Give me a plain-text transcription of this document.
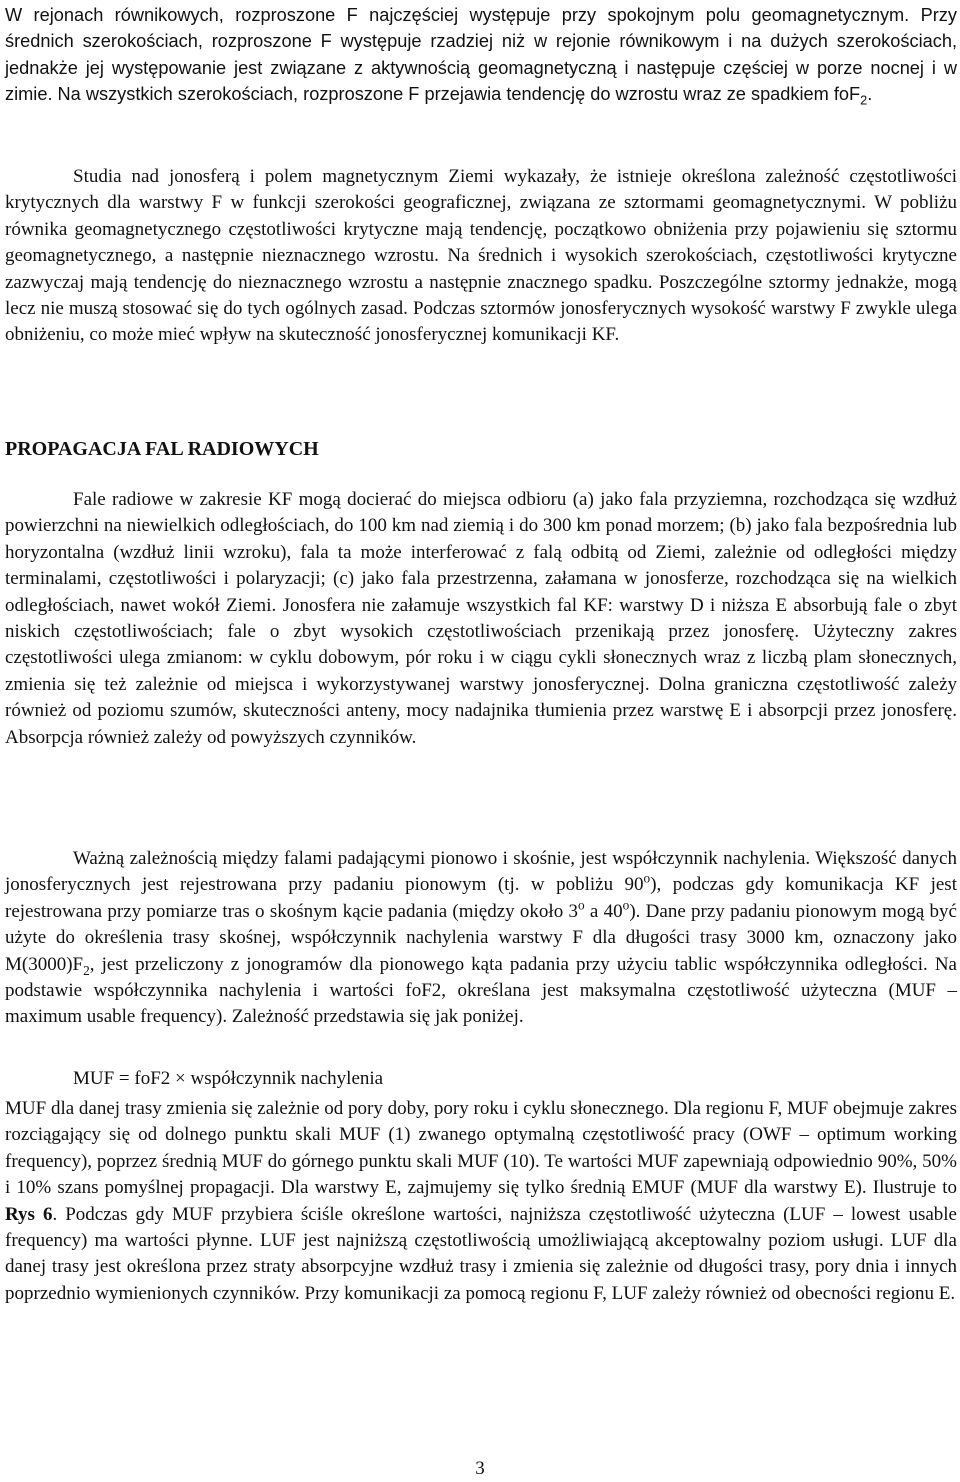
W rejonach równikowych, rozproszone F najczęściej występuje przy spokojnym polu geomagnetycznym. Przy średnich szerokościach, rozproszone F występuje rzadziej niż w rejonie równikowym i na dużych szerokościach, jednakże jej występowanie jest związane z aktywnością geomagnetyczną i następuje częściej w porze nocnej i w zimie. Na wszystkich szerokościach, rozproszone F przejawia tendencję do wzrostu wraz ze spadkiem foF$_2$.

Studia nad jonosferą i polem magnetycznym Ziemi wykazały, że istnieje określona zależność częstotliwości krytycznych dla warstwy F w funkcji szerokości geograficznej, związana ze sztormami geomagnetycznymi. W pobliżu równika geomagnetycznego częstotliwości krytyczne mają tendencję, początkowo obniżenia przy pojawieniu się sztormu geomagnetycznego, a następnie nieznacznego wzrostu. Na średnich i wysokich szerokościach, częstotliwości krytyczne zazwyczaj mają tendencję do nieznacznego wzrostu a następnie znacznego spadku. Poszczególne sztormy jednakże, mogą lecz nie muszą stosować się do tych ogólnych zasad. Podczas sztormów jonosferycznych wysokość warstwy F zwykle ulega obniżeniu, co może mieć wpływ na skuteczność jonosferycznej komunikacji KF.

PROPAGACJA FAL RADIOWYCH

Fale radiowe w zakresie KF mogą docierać do miejsca odbioru (a) jako fala przyziemna, rozchodząca się wzdłuż powierzchni na niewielkich odległościach, do 100 km nad ziemią i do 300 km ponad morzem; (b) jako fala bezpośrednia lub horyzontalna (wzdłuż linii wzroku), fala ta może interferować z falą odbitą od Ziemi, zależnie od odległości między terminalami, częstotliwości i polaryzacji; (c) jako fala przestrzenna, załamana w jonosferze, rozchodząca się na wielkich odległościach, nawet wokół Ziemi. Jonosfera nie załamuje wszystkich fal KF: warstwy D i niższa E absorbują fale o zbyt niskich częstotliwościach; fale o zbyt wysokich częstotliwościach przenikają przez jonosferę. Użyteczny zakres częstotliwości ulega zmianom: w cyklu dobowym, pór roku i w ciągu cykli słonecznych wraz z liczbą plam słonecznych, zmienia się też zależnie od miejsca i wykorzystywanej warstwy jonosferycznej. Dolna graniczna częstotliwość zależy również od poziomu szumów, skuteczności anteny, mocy nadajnika tłumienia przez warstwę E i absorpcji przez jonosferę. Absorpcja również zależy od powyższych czynników.

Ważną zależnością między falami padającymi pionowo i skośnie, jest współczynnik nachylenia. Większość danych jonosferycznych jest rejestrowana przy padaniu pionowym (tj. w pobliżu 90$^o$), podczas gdy komunikacja KF jest rejestrowana przy pomiarze tras o skośnym kącie padania (między około 3$^o$ a 40$^o$). Dane przy padaniu pionowym mogą być użyte do określenia trasy skośnej, współczynnik nachylenia warstwy F dla długości trasy 3000 km, oznaczony jako $M(3000)F_2$, jest przeliczony z jonogramów dla pionowego kąta padania przy użyciu tablic współczynnika odległości. Na podstawie współczynnika nachylenia i wartości foF2, określana jest maksymalna częstotliwość użyteczna (MUF – maximum usable frequency). Zależność przedstawia się jak poniżej.

MUF = foF2 × współczynnik nachylenia

MUF dla danej trasy zmienia się zależnie od pory doby, pory roku i cyklu słonecznego. Dla regionu F, MUF obejmuje zakres rozciągający się od dolnego punktu skali MUF (1) zwanego optymalną częstotliwość pracy (OWF – optimum working frequency), poprzez średnią MUF do górnego punktu skali MUF (10). Te wartości MUF zapewniają odpowiednio 90%, 50% i 10% szans pomyślnej propagacji. Dla warstwy E, zajmujemy się tylko średnią EMUF (MUF dla warstwy E). Ilustruje to Rys 6. Podczas gdy MUF przybiera ściśle określone wartości, najniższa częstotliwość użyteczna (LUF – lowest usable frequency) ma wartości płynne. LUF jest najniższą częstotliwością umożliwiającą akceptowalny poziom usługi. LUF dla danej trasy jest określona przez straty absorpcyjne wzdłuż trasy i zmienia się zależnie od długości trasy, pory dnia i innych poprzednio wymienionych czynników. Przy komunikacji za pomocą regionu F, LUF zależy również od obecności regionu E.

3
